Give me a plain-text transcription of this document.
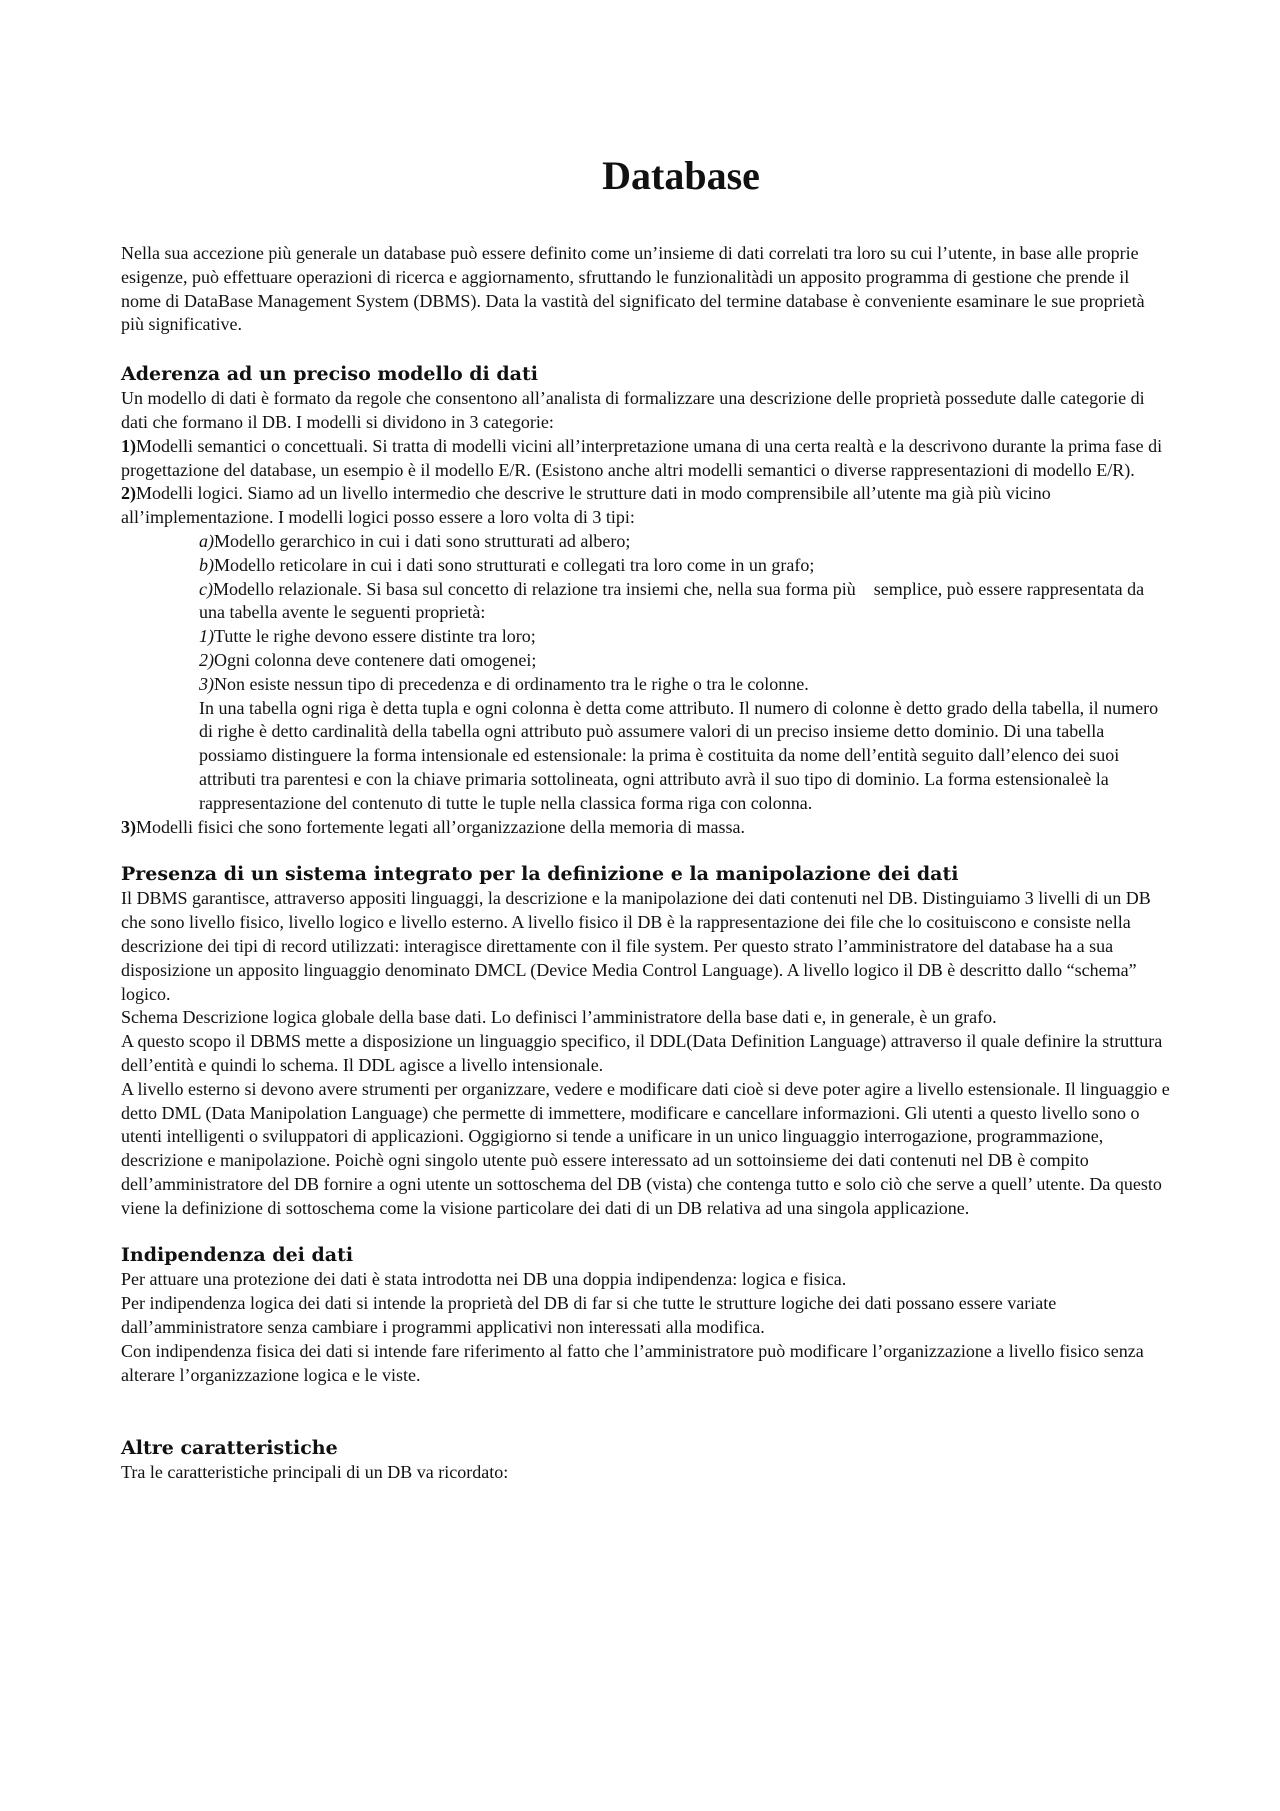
Database

Nella sua accezione più generale un database può essere definito come un’insieme di dati correlati tra loro su cui l’utente, in base alle proprie esigenze, può effettuare operazioni di ricerca e aggiornamento, sfruttando le funzionalitàdi un apposito programma di gestione che prende il nome di DataBase Management System (DBMS). Data la vastità del significato del termine database è conveniente esaminare le sue proprietà più significative.

Aderenza ad un preciso modello di dati

Un modello di dati è formato da regole che consentono all’analista di formalizzare una descrizione delle proprietà possedute dalle categorie di dati che formano il DB. I modelli si dividono in 3 categorie:

1)Modelli semantici o concettuali. Si tratta di modelli vicini all’interpretazione umana di una certa realtà e la descrivono durante la prima fase di progettazione del database, un esempio è il modello E/R. (Esistono anche altri modelli semantici o diverse rappresentazioni di modello E/R).

2)Modelli logici. Siamo ad un livello intermedio che descrive le strutture dati in modo comprensibile all’utente ma già più vicino all’implementazione. I modelli logici posso essere a loro volta di 3 tipi:

a)Modello gerarchico in cui i dati sono strutturati ad albero;

b)Modello reticolare in cui i dati sono strutturati e collegati tra loro come in un grafo;

c)Modello relazionale. Si basa sul concetto di relazione tra insiemi che, nella sua forma più    semplice, può essere rappresentata da una tabella avente le seguenti proprietà:

1)Tutte le righe devono essere distinte tra loro;

2)Ogni colonna deve contenere dati omogenei;

3)Non esiste nessun tipo di precedenza e di ordinamento tra le righe o tra le colonne.

In una tabella ogni riga è detta tupla e ogni colonna è detta come attributo. Il numero di colonne è detto grado della tabella, il numero di righe è detto cardinalità della tabella ogni attributo può assumere valori di un preciso insieme detto dominio. Di una tabella possiamo distinguere la forma intensionale ed estensionale: la prima è costituita da nome dell’entità seguito dall’elenco dei suoi attributi tra parentesi e con la chiave primaria sottolineata, ogni attributo avrà il suo tipo di dominio. La forma estensionaleè la rappresentazione del contenuto di tutte le tuple nella classica forma riga con colonna.

3)Modelli fisici che sono fortemente legati all’organizzazione della memoria di massa.

Presenza di un sistema integrato per la definizione e la manipolazione dei dati

Il DBMS garantisce, attraverso appositi linguaggi, la descrizione e la manipolazione dei dati contenuti nel DB. Distinguiamo 3 livelli di un DB che sono livello fisico, livello logico e livello esterno. A livello fisico il DB è la rappresentazione dei file che lo cosituiscono e consiste nella descrizione dei tipi di record utilizzati: interagisce direttamente con il file system. Per questo strato l’amministratore del database ha a sua disposizione un apposito linguaggio denominato DMCL (Device Media Control Language). A livello logico il DB è descritto dallo “schema” logico.

Schema Descrizione logica globale della base dati. Lo definisci l’amministratore della base dati e, in generale, è un grafo.

A questo scopo il DBMS mette a disposizione un linguaggio specifico, il DDL(Data Definition Language) attraverso il quale definire la struttura dell’entità e quindi lo schema. Il DDL agisce a livello intensionale.

A livello esterno si devono avere strumenti per organizzare, vedere e modificare dati cioè si deve poter agire a livello estensionale. Il linguaggio e detto DML (Data Manipolation Language) che permette di immettere, modificare e cancellare informazioni. Gli utenti a questo livello sono o utenti intelligenti o sviluppatori di applicazioni. Oggigiorno si tende a unificare in un unico linguaggio interrogazione, programmazione, descrizione e manipolazione. Poichè ogni singolo utente può essere interessato ad un sottoinsieme dei dati contenuti nel DB è compito dell’amministratore del DB fornire a ogni utente un sottoschema del DB (vista) che contenga tutto e solo ciò che serve a quell’ utente. Da questo viene la definizione di sottoschema come la visione particolare dei dati di un DB relativa ad una singola applicazione.

Indipendenza dei dati

Per attuare una protezione dei dati è stata introdotta nei DB una doppia indipendenza: logica e fisica.

Per indipendenza logica dei dati si intende la proprietà del DB di far si che tutte le strutture logiche dei dati possano essere variate dall’amministratore senza cambiare i programmi applicativi non interessati alla modifica.

Con indipendenza fisica dei dati si intende fare riferimento al fatto che l’amministratore può modificare l’organizzazione a livello fisico senza alterare l’organizzazione logica e le viste.

Altre caratteristiche

Tra le caratteristiche principali di un DB va ricordato:
